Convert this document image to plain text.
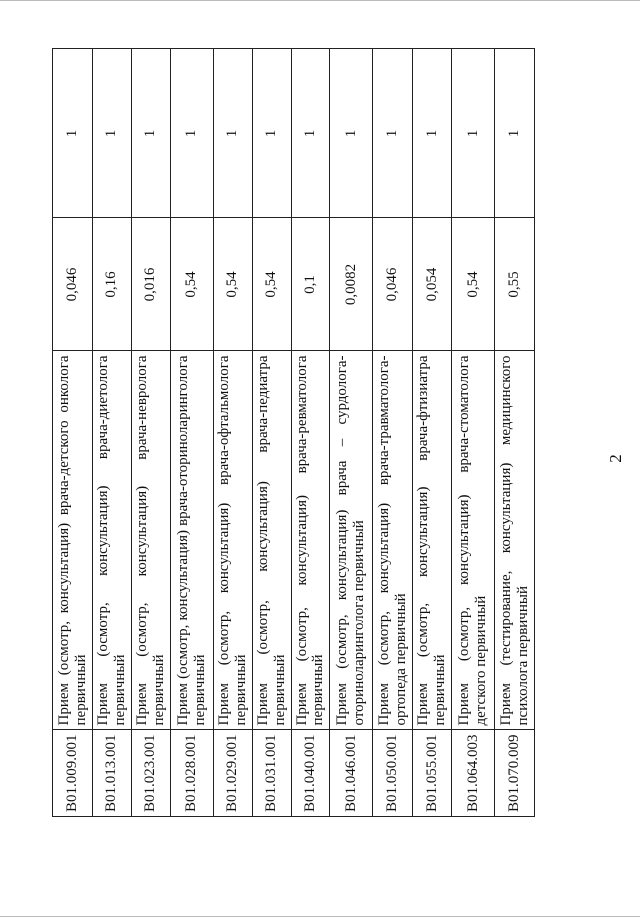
2
B01.009.001	Прием (осмотр, консультация) врача-детского онколога первичный	0,046	1
B01.013.001	Прием (осмотр, консультация) врача-диетолога первичный	0,16	1
B01.023.001	Прием (осмотр, консультация) врача-невролога первичный	0,016	1
B01.028.001	Прием (осмотр, консультация) врача-оториноларинголога первичный	0,54	1
B01.029.001	Прием (осмотр, консультация) врача-офтальмолога первичный	0,54	1
B01.031.001	Прием (осмотр, консультация) врача-педиатра первичный	0,54	1
B01.040.001	Прием (осмотр, консультация) врача-ревматолога первичный	0,1	1
B01.046.001	Прием (осмотр, консультация) врача – сурдолога-оториноларинголога первичный	0,0082	1
B01.050.001	Прием (осмотр, консультация) врача-травматолога-ортопеда первичный	0,046	1
B01.055.001	Прием (осмотр, консультация) врача-фтизиатра первичный	0,054	1
B01.064.003	Прием (осмотр, консультация) врача-стоматолога детского первичный	0,54	1
B01.070.009	Прием (тестирование, консультация) медицинского психолога первичный	0,55	1
